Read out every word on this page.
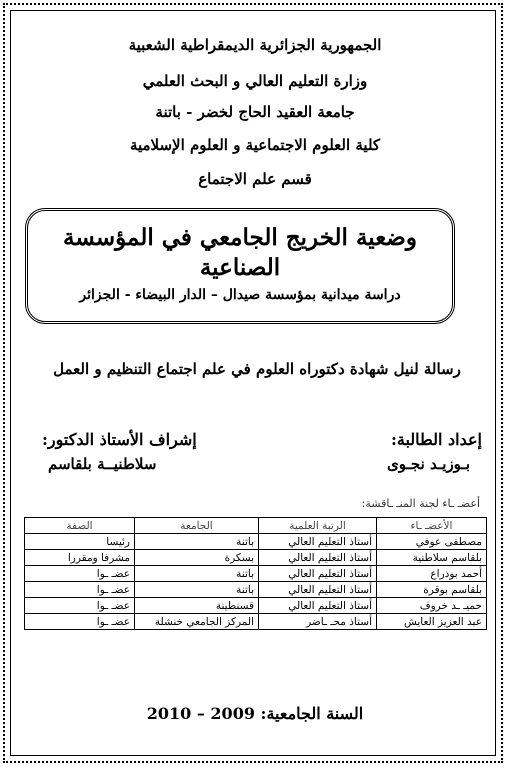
الجمهورية الجزائرية الديمقراطية الشعبية
وزارة التعليم العالي و البحث العلمي
جامعة العقيد الحاج لخضر - باتنة
كلية العلوم الاجتماعية و العلوم الإسلامية
قسم علم الاجتماع
وضعية الخريج الجامعي في المؤسسة الصناعية
دراسة ميدانية بمؤسسة صيدال – الدار البيضاء - الجزائر
رسالة لنيل شهادة دكتوراه العلوم في علم اجتماع التنظيم و العمل
إعداد الطالبة:
بـوزيـد نجـوى
إشراف الأستاذ الدكتور:
سلاطنيــة بلقاسم
أعضـ ـاء لجنة المنـ ـاقشة:
الأعضـ ـاء	الرتبة العلمية	الجامعة	الصفة
مصطفى عوفي	أستاذ التعليم العالي	باتنة	رئيسا
بلقاسم سلاطنية	أستاذ التعليم العالي	بسكرة	مشرفا ومقررا
أحمد بوذراع	أستاذ التعليم العالي	باتنة	عضـ ـوا
بلقاسم بوقرة	أستاذ التعليم العالي	باتنة	عضـ ـوا
حميـ ـد خروف	أستاذ التعليم العالي	قسنطينة	عضـ ـوا
عبد العزيز العايش	أستاذ محـ ـاضر	المركز الجامعي خنشلة	عضـ ـوا
السنة الجامعية: 2009 – 2010
